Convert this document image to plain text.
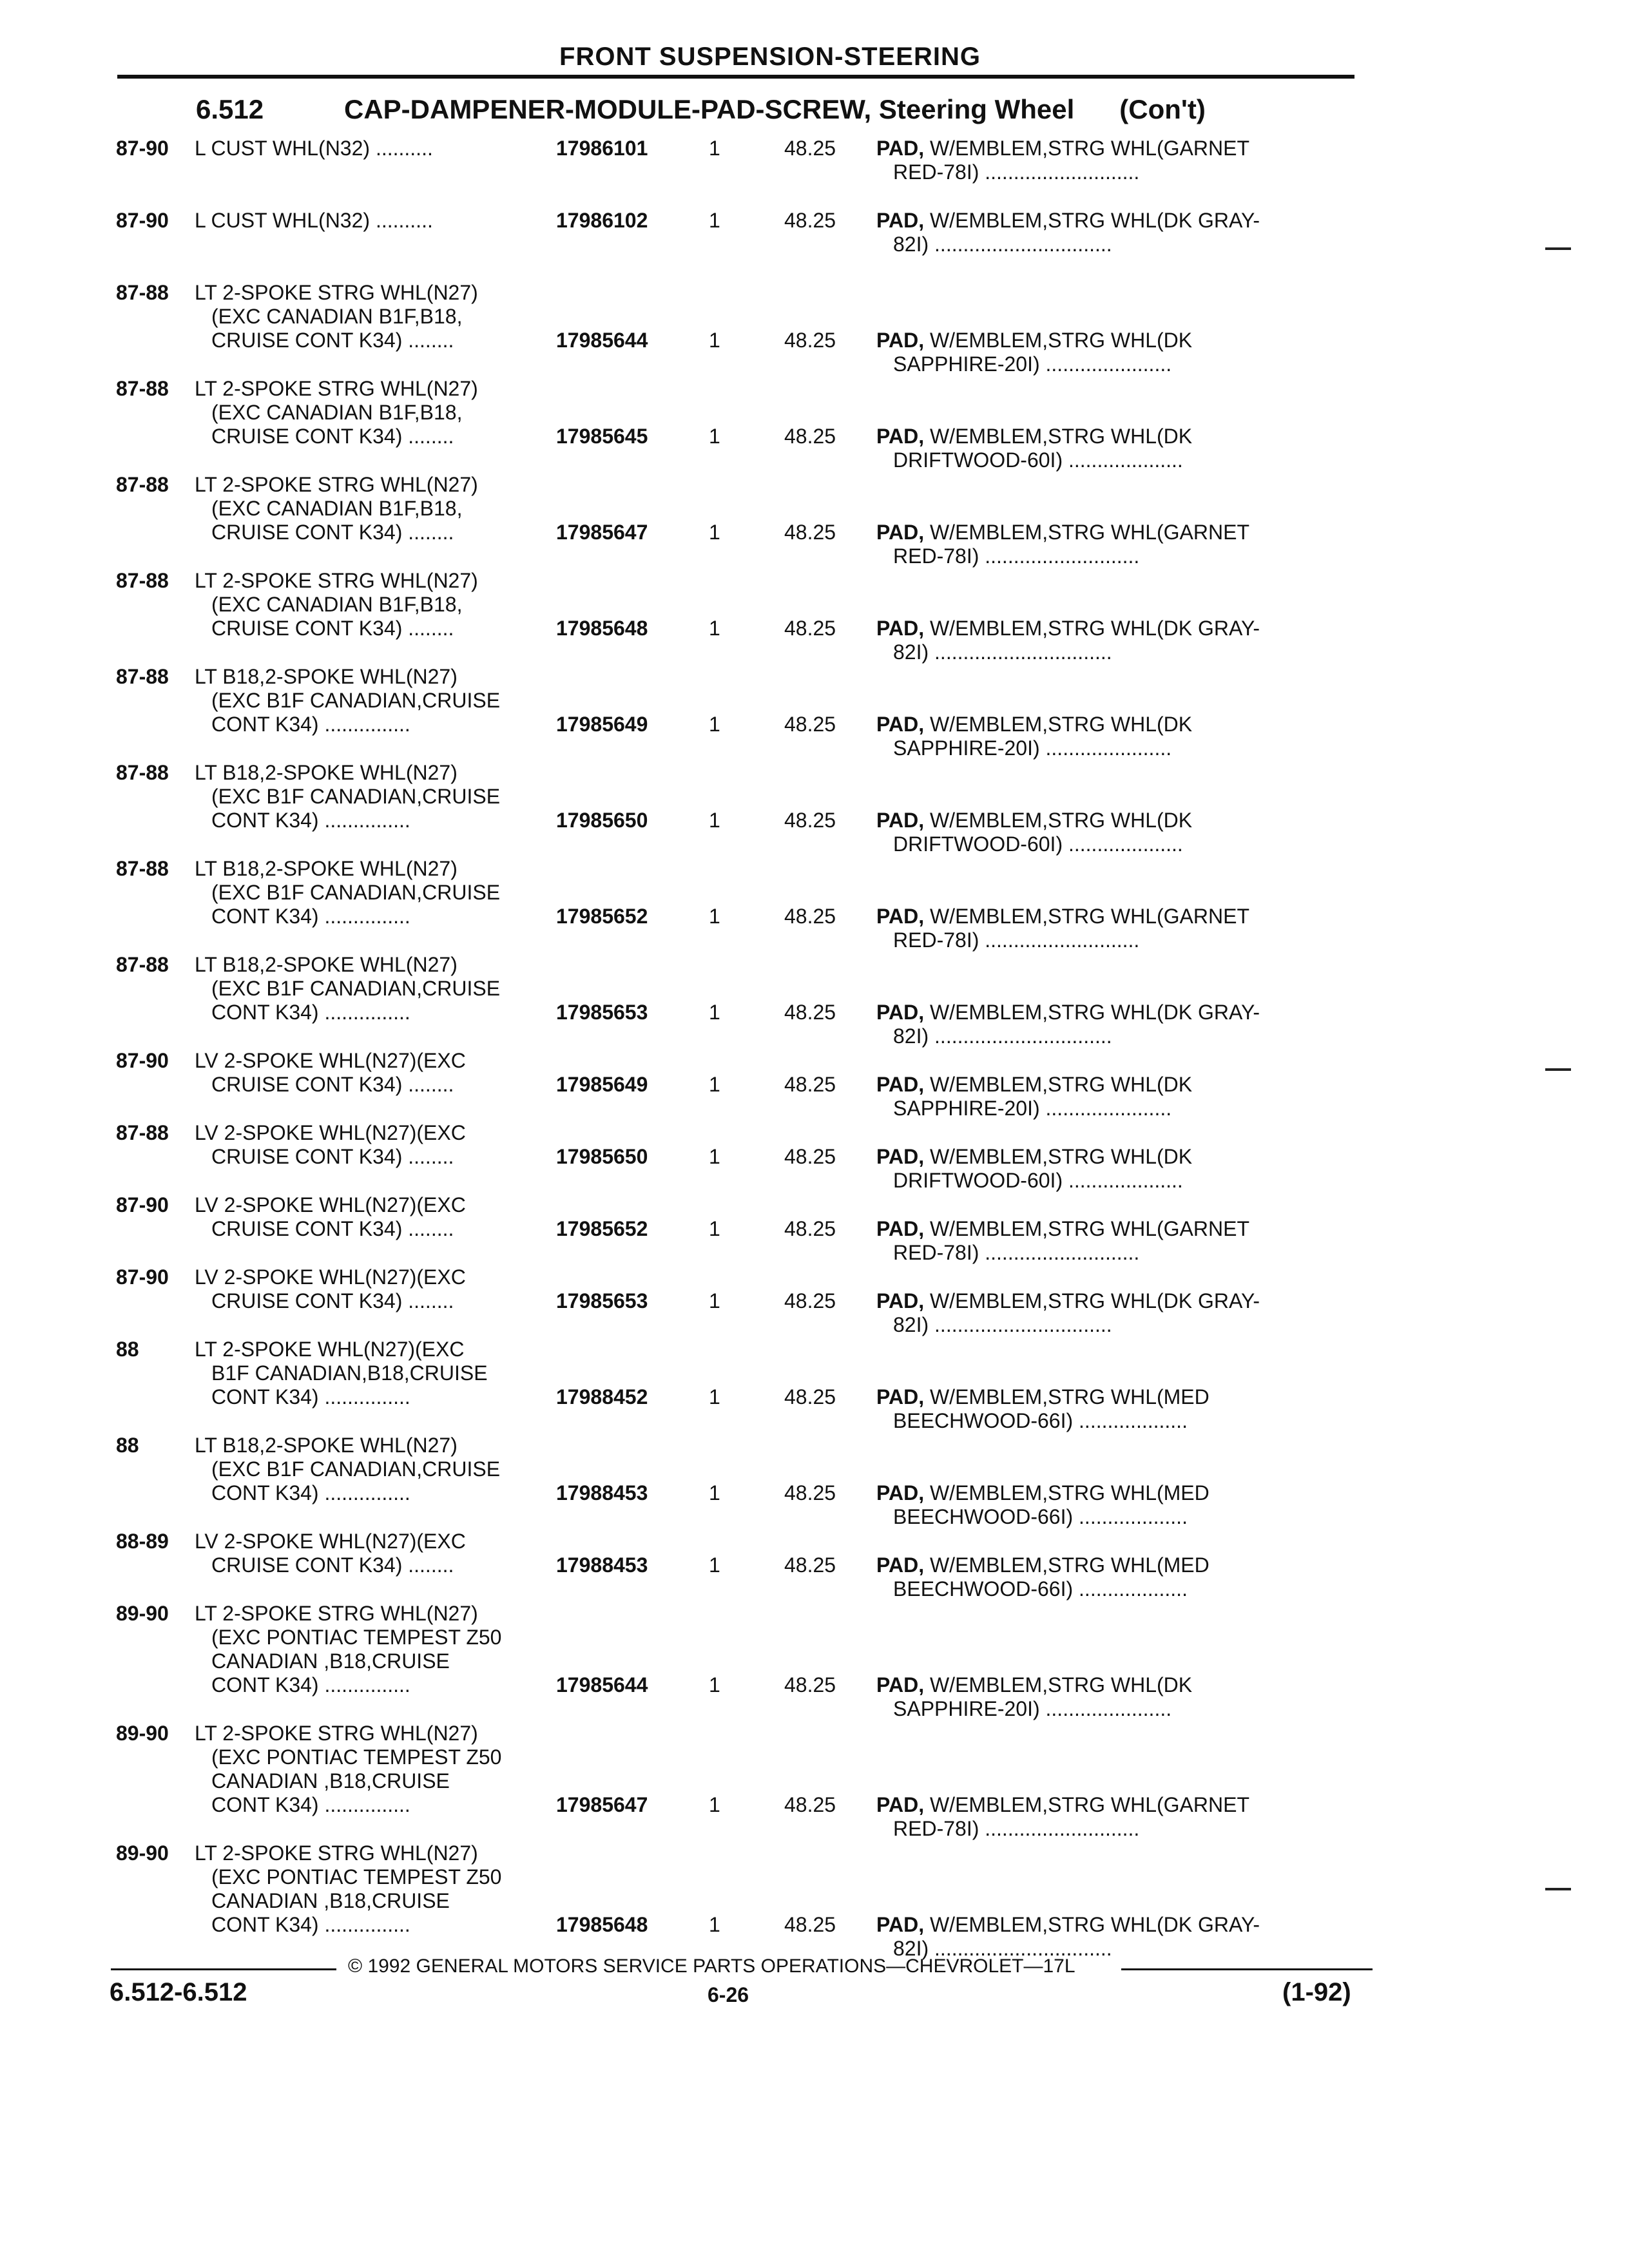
FRONT SUSPENSION-STEERING
6.512	CAP-DAMPENER-MODULE-PAD-SCREW, Steering Wheel (Con't)
87-90 L CUST WHL(N32) ..........	17986101	1	48.25 PAD, W/EMBLEM,STRG WHL(GARNET
RED-78I) ...........................
87-90 L CUST WHL(N32) ..........	17986102	1	48.25 PAD, W/EMBLEM,STRG WHL(DK GRAY-
82I) ...............................
87-88 LT 2-SPOKE STRG WHL(N27)
(EXC CANADIAN B1F,B18,
CRUISE CONT K34) ........	17985644	1	48.25 PAD, W/EMBLEM,STRG WHL(DK
SAPPHIRE-20I) ......................
87-88 LT 2-SPOKE STRG WHL(N27)
(EXC CANADIAN B1F,B18,
CRUISE CONT K34) ........	17985645	1	48.25 PAD, W/EMBLEM,STRG WHL(DK
DRIFTWOOD-60I) ....................
87-88 LT 2-SPOKE STRG WHL(N27)
(EXC CANADIAN B1F,B18,
CRUISE CONT K34) ........	17985647	1	48.25 PAD, W/EMBLEM,STRG WHL(GARNET
RED-78I) ...........................
87-88 LT 2-SPOKE STRG WHL(N27)
(EXC CANADIAN B1F,B18,
CRUISE CONT K34) ........	17985648	1	48.25 PAD, W/EMBLEM,STRG WHL(DK GRAY-
82I) ...............................
87-88 LT B18,2-SPOKE WHL(N27)
(EXC B1F CANADIAN,CRUISE
CONT K34) ...............	17985649	1	48.25 PAD, W/EMBLEM,STRG WHL(DK
SAPPHIRE-20I) ......................
87-88 LT B18,2-SPOKE WHL(N27)
(EXC B1F CANADIAN,CRUISE
CONT K34) ...............	17985650	1	48.25 PAD, W/EMBLEM,STRG WHL(DK
DRIFTWOOD-60I) ....................
87-88 LT B18,2-SPOKE WHL(N27)
(EXC B1F CANADIAN,CRUISE
CONT K34) ...............	17985652	1	48.25 PAD, W/EMBLEM,STRG WHL(GARNET
RED-78I) ...........................
87-88 LT B18,2-SPOKE WHL(N27)
(EXC B1F CANADIAN,CRUISE
CONT K34) ...............	17985653	1	48.25 PAD, W/EMBLEM,STRG WHL(DK GRAY-
82I) ...............................
87-90 LV 2-SPOKE WHL(N27)(EXC
CRUISE CONT K34) ........	17985649	1	48.25 PAD, W/EMBLEM,STRG WHL(DK
SAPPHIRE-20I) ......................
87-88 LV 2-SPOKE WHL(N27)(EXC
CRUISE CONT K34) ........	17985650	1	48.25 PAD, W/EMBLEM,STRG WHL(DK
DRIFTWOOD-60I) ....................
87-90 LV 2-SPOKE WHL(N27)(EXC
CRUISE CONT K34) ........	17985652	1	48.25 PAD, W/EMBLEM,STRG WHL(GARNET
RED-78I) ...........................
87-90 LV 2-SPOKE WHL(N27)(EXC
CRUISE CONT K34) ........	17985653	1	48.25 PAD, W/EMBLEM,STRG WHL(DK GRAY-
82I) ...............................
88	LT 2-SPOKE WHL(N27)(EXC
B1F CANADIAN,B18,CRUISE
CONT K34) ...............	17988452	1	48.25 PAD, W/EMBLEM,STRG WHL(MED
BEECHWOOD-66I) ...................
88	LT B18,2-SPOKE WHL(N27)
(EXC B1F CANADIAN,CRUISE
CONT K34) ...............	17988453	1	48.25 PAD, W/EMBLEM,STRG WHL(MED
BEECHWOOD-66I) ...................
88-89 LV 2-SPOKE WHL(N27)(EXC
CRUISE CONT K34) ........	17988453	1	48.25 PAD, W/EMBLEM,STRG WHL(MED
BEECHWOOD-66I) ...................
89-90 LT 2-SPOKE STRG WHL(N27)
(EXC PONTIAC TEMPEST Z50
CANADIAN ,B18,CRUISE
CONT K34) ...............	17985644	1	48.25 PAD, W/EMBLEM,STRG WHL(DK
SAPPHIRE-20I) ......................
89-90 LT 2-SPOKE STRG WHL(N27)
(EXC PONTIAC TEMPEST Z50
CANADIAN ,B18,CRUISE
CONT K34) ...............	17985647	1	48.25 PAD, W/EMBLEM,STRG WHL(GARNET
RED-78I) ...........................
89-90 LT 2-SPOKE STRG WHL(N27)
(EXC PONTIAC TEMPEST Z50
CANADIAN ,B18,CRUISE
CONT K34) ...............	17985648	1	48.25 PAD, W/EMBLEM,STRG WHL(DK GRAY-
82I) ...............................
© 1992 GENERAL MOTORS SERVICE PARTS OPERATIONS—CHEVROLET—17L
6.512-6.512	6-26	(1-92)
